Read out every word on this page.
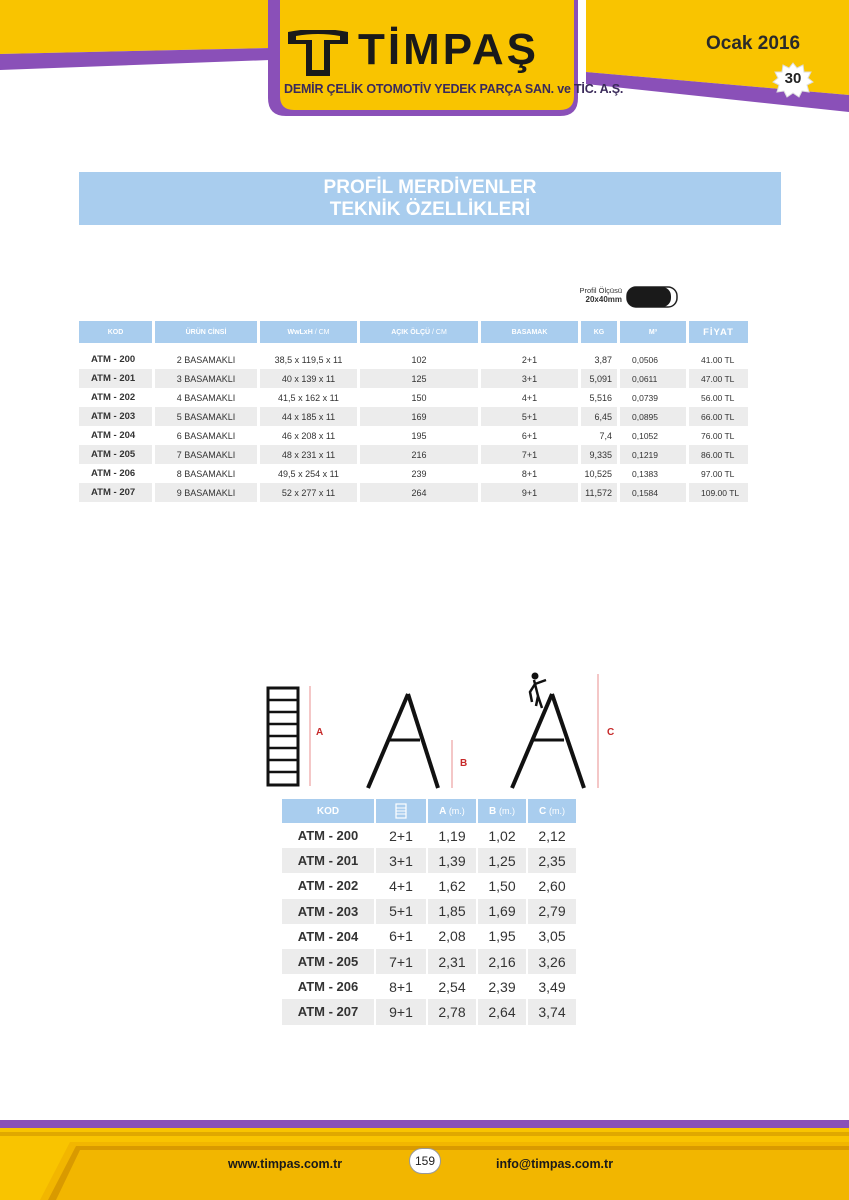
TİMPAŞ
DEMİR ÇELİK OTOMOTİV YEDEK PARÇA SAN. ve TİC. A.Ş.
Ocak 2016
30
PROFİL MERDİVENLER
TEKNİK ÖZELLİKLERİ
Profil Ölçüsü
20x40mm
KOD	ÜRÜN CİNSİ	WwLxH / CM	AÇIK ÖLÇÜ / CM	BASAMAK	KG	M³	FİYAT

ATM - 200	2 BASAMAKLI	38,5 x 119,5 x 11	102	2+1	3,87	0,0506	41.00 TL
ATM - 201	3 BASAMAKLI	40 x 139 x 11	125	3+1	5,091	0,0611	47.00 TL
ATM - 202	4 BASAMAKLI	41,5 x 162 x 11	150	4+1	5,516	0,0739	56.00 TL
ATM - 203	5 BASAMAKLI	44 x 185 x 11	169	5+1	6,45	0,0895	66.00 TL
ATM - 204	6 BASAMAKLI	46 x 208 x 11	195	6+1	7,4	0,1052	76.00 TL
ATM - 205	7 BASAMAKLI	48 x 231 x 11	216	7+1	9,335	0,1219	86.00 TL
ATM - 206	8 BASAMAKLI	49,5 x 254 x 11	239	8+1	10,525	0,1383	97.00 TL
ATM - 207	9 BASAMAKLI	52 x 277 x 11	264	9+1	11,572	0,1584	109.00 TL
A
B
C
KOD		A (m.)	B (m.)	C (m.)
ATM - 200	2+1	1,19	1,02	2,12
ATM - 201	3+1	1,39	1,25	2,35
ATM - 202	4+1	1,62	1,50	2,60
ATM - 203	5+1	1,85	1,69	2,79
ATM - 204	6+1	2,08	1,95	3,05
ATM - 205	7+1	2,31	2,16	3,26
ATM - 206	8+1	2,54	2,39	3,49
ATM - 207	9+1	2,78	2,64	3,74
www.timpas.com.tr	159	info@timpas.com.tr
